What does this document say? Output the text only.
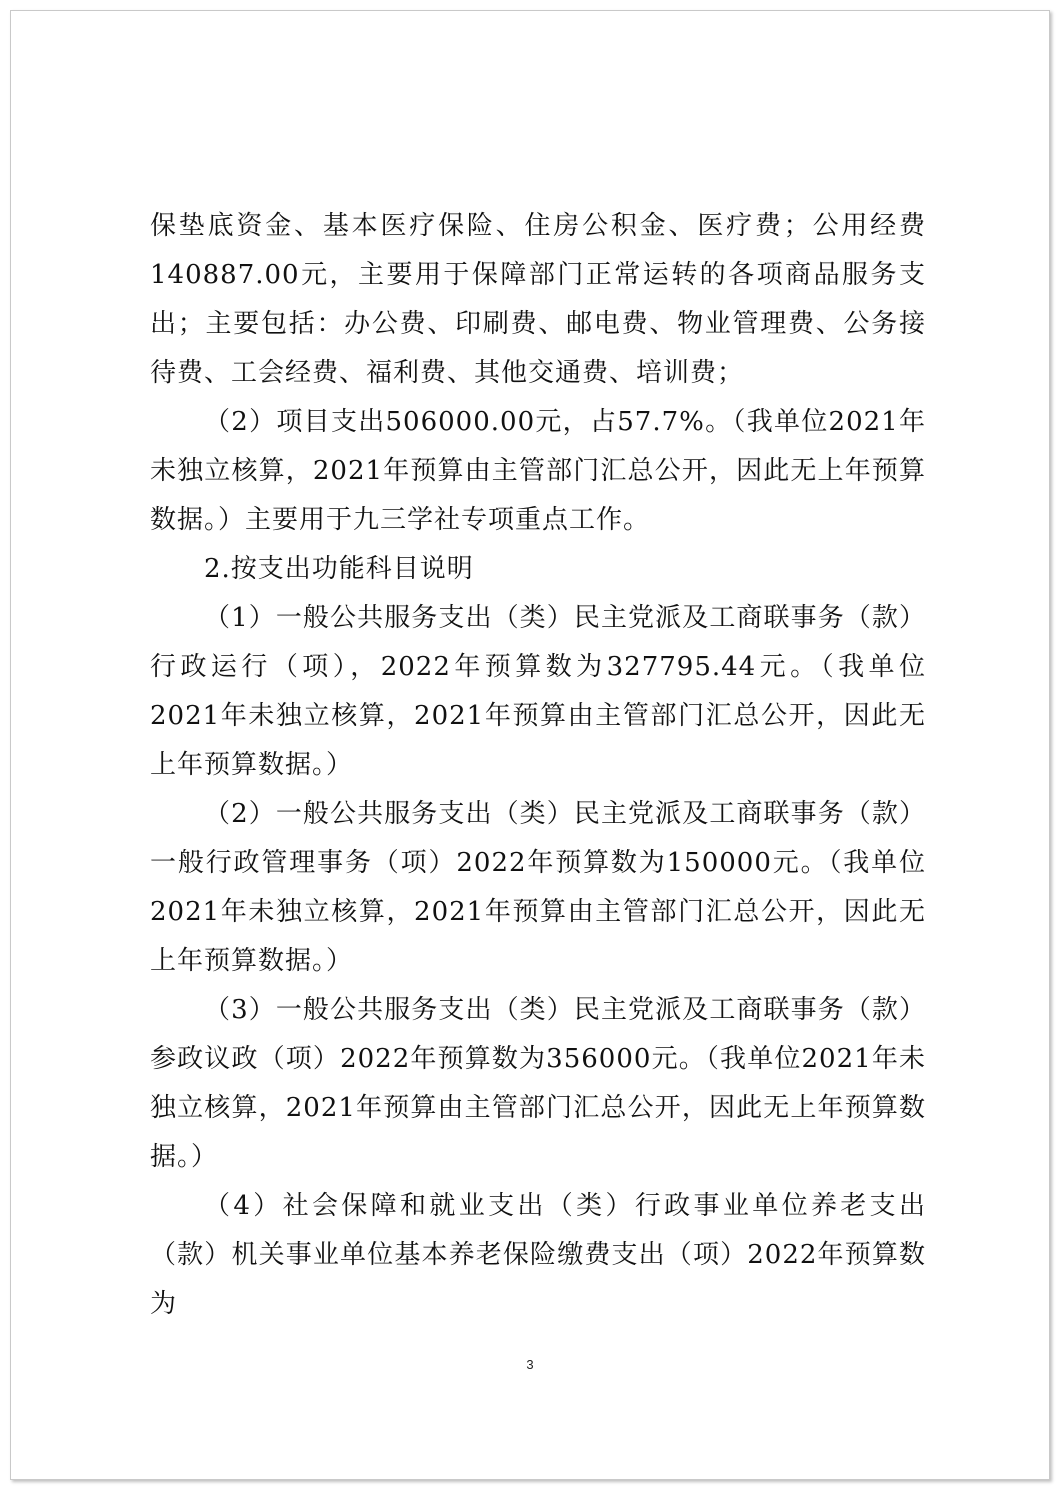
保垫底资金、基本医疗保险、住房公积金、医疗费；公用经费140887.00元，主要用于保障部门正常运转的各项商品服务支出；主要包括：办公费、印刷费、邮电费、物业管理费、公务接待费、工会经费、福利费、其他交通费、培训费；

（2）项目支出506000.00元，占57.7%。（我单位2021年未独立核算，2021年预算由主管部门汇总公开，因此无上年预算数据。）主要用于九三学社专项重点工作。

2.按支出功能科目说明

（1）一般公共服务支出（类）民主党派及工商联事务（款）行政运行（项），2022年预算数为327795.44元。（我单位2021年未独立核算，2021年预算由主管部门汇总公开，因此无上年预算数据。）

（2）一般公共服务支出（类）民主党派及工商联事务（款）一般行政管理事务（项）2022年预算数为150000元。（我单位2021年未独立核算，2021年预算由主管部门汇总公开，因此无上年预算数据。）

（3）一般公共服务支出（类）民主党派及工商联事务（款）参政议政（项）2022年预算数为356000元。（我单位2021年未独立核算，2021年预算由主管部门汇总公开，因此无上年预算数据。）

（4）社会保障和就业支出（类）行政事业单位养老支出（款）机关事业单位基本养老保险缴费支出（项）2022年预算数为

3
